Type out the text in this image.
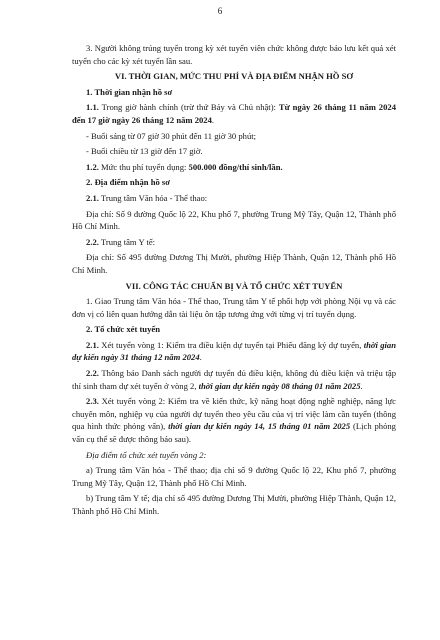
6

3. Người không trúng tuyển trong kỳ xét tuyển viên chức không được bảo lưu kết quả xét tuyển cho các kỳ xét tuyển lần sau.

VI. THỜI GIAN, MỨC THU PHÍ VÀ ĐỊA ĐIỂM NHẬN HỒ SƠ

1. Thời gian nhận hồ sơ

1.1. Trong giờ hành chính (trừ thứ Bảy và Chủ nhật): Từ ngày 26 tháng 11 năm 2024 đến 17 giờ ngày 26 tháng 12 năm 2024.

- Buổi sáng từ 07 giờ 30 phút đến 11 giờ 30 phút;

- Buổi chiều từ 13 giờ đến 17 giờ.

1.2. Mức thu phí tuyển dụng: 500.000 đồng/thí sinh/lần.

2. Địa điểm nhận hồ sơ

2.1. Trung tâm Văn hóa - Thể thao:

Địa chỉ: Số 9 đường Quốc lộ 22, Khu phố 7, phường Trung Mỹ Tây, Quận 12, Thành phố Hồ Chí Minh.

2.2. Trung tâm Y tế:

Địa chỉ: Số 495 đường Dương Thị Mười, phường Hiệp Thành, Quận 12, Thành phố Hồ Chí Minh.

VII. CÔNG TÁC CHUẨN BỊ VÀ TỔ CHỨC XÉT TUYỂN

1. Giao Trung tâm Văn hóa - Thể thao, Trung tâm Y tế phối hợp với phòng Nội vụ và các đơn vị có liên quan hướng dẫn tài liệu ôn tập tương ứng với từng vị trí tuyển dụng.

2. Tổ chức xét tuyển

2.1. Xét tuyển vòng 1: Kiểm tra điều kiện dự tuyển tại Phiếu đăng ký dự tuyển, thời gian dự kiến ngày 31 tháng 12 năm 2024.

2.2. Thông báo Danh sách người dự tuyển đủ điều kiện, không đủ điều kiện và triệu tập thí sinh tham dự xét tuyển ở vòng 2, thời gian dự kiến ngày 08 tháng 01 năm 2025.

2.3. Xét tuyển vòng 2: Kiểm tra về kiến thức, kỹ năng hoạt động nghề nghiệp, năng lực chuyên môn, nghiệp vụ của người dự tuyển theo yêu cầu của vị trí việc làm cần tuyển (thông qua hình thức phỏng vấn), thời gian dự kiến ngày 14, 15 tháng 01 năm 2025 (Lịch phỏng vấn cụ thể sẽ được thông báo sau).

Địa điểm tổ chức xét tuyển vòng 2:

a) Trung tâm Văn hóa - Thể thao; địa chỉ số 9 đường Quốc lộ 22, Khu phố 7, phường Trung Mỹ Tây, Quận 12, Thành phố Hồ Chí Minh.

b) Trung tâm Y tế; địa chỉ số 495 đường Dương Thị Mười, phường Hiệp Thành, Quận 12, Thành phố Hồ Chí Minh.
